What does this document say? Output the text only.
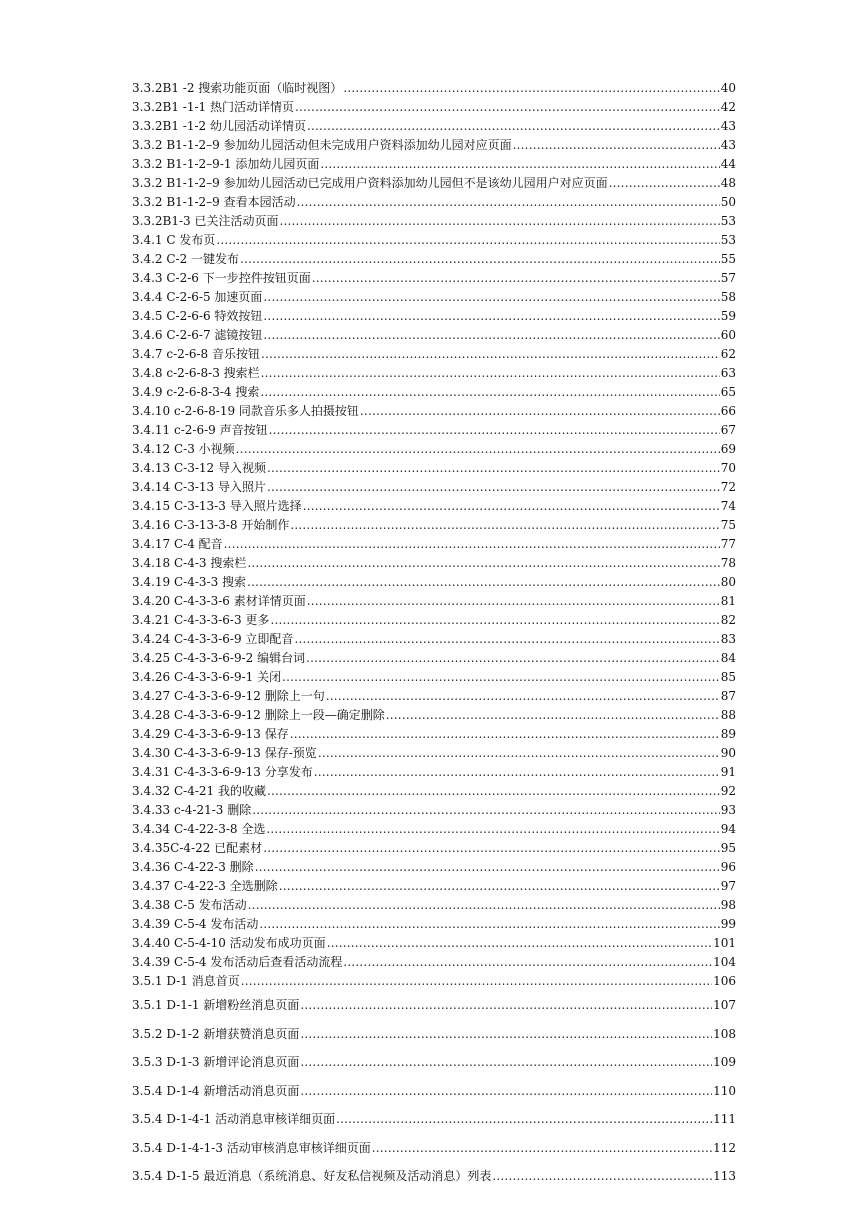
3.3.2B1 -2 搜索功能页面（临时视图） .....	40
3.3.2B1 -1-1 热门活动详情页 .....	42
3.3.2B1 -1-2 幼儿园活动详情页 .....	43
3.3.2 B1-1-2–9 参加幼儿园活动但未完成用户资料添加幼儿园对应页面 .....	43
3.3.2 B1-1-2–9-1 添加幼儿园页面 .....	44
3.3.2 B1-1-2–9 参加幼儿园活动已完成用户资料添加幼儿园但不是该幼儿园用户对应页面 .....	48
3.3.2 B1-1-2–9 查看本园活动 .....	50
3.3.2B1-3 已关注活动页面 .....	53
3.4.1 C 发布页 .....	53
3.4.2 C-2 一键发布 .....	55
3.4.3 C-2-6 下一步控件按钮页面 .....	57
3.4.4 C-2-6-5 加速页面 .....	58
3.4.5 C-2-6-6 特效按钮 .....	59
3.4.6 C-2-6-7 滤镜按钮 .....	60
3.4.7 c-2-6-8 音乐按钮 .....	62
3.4.8 c-2-6-8-3 搜索栏 .....	63
3.4.9 c-2-6-8-3-4 搜索 .....	65
3.4.10 c-2-6-8-19 同款音乐多人拍摄按钮 .....	66
3.4.11 c-2-6-9 声音按钮 .....	67
3.4.12 C-3 小视频 .....	69
3.4.13 C-3-12 导入视频 .....	70
3.4.14 C-3-13 导入照片 .....	72
3.4.15 C-3-13-3 导入照片选择 .....	74
3.4.16 C-3-13-3-8 开始制作 .....	75
3.4.17 C-4 配音 .....	77
3.4.18 C-4-3 搜索栏 .....	78
3.4.19 C-4-3-3 搜索 .....	80
3.4.20 C-4-3-3-6 素材详情页面 .....	81
3.4.21 C-4-3-3-6-3 更多 .....	82
3.4.24 C-4-3-3-6-9 立即配音 .....	83
3.4.25 C-4-3-3-6-9-2 编辑台词 .....	84
3.4.26 C-4-3-3-6-9-1 关闭 .....	85
3.4.27 C-4-3-3-6-9-12 删除上一句 .....	87
3.4.28 C-4-3-3-6-9-12 删除上一段—确定删除 .....	88
3.4.29 C-4-3-3-6-9-13 保存 .....	89
3.4.30 C-4-3-3-6-9-13 保存-预览 .....	90
3.4.31 C-4-3-3-6-9-13 分享发布 .....	91
3.4.32 C-4-21 我的收藏 .....	92
3.4.33 c-4-21-3 删除 .....	93
3.4.34 C-4-22-3-8 全选 .....	94
3.4.35C-4-22 已配素材 .....	95
3.4.36 C-4-22-3 删除 .....	96
3.4.37 C-4-22-3 全选删除 .....	97
3.4.38 C-5 发布活动 .....	98
3.4.39 C-5-4 发布活动 .....	99
3.4.40 C-5-4-10 活动发布成功页面 .....	101
3.4.39 C-5-4 发布活动后查看活动流程 .....	104
3.5.1 D-1 消息首页 .....	106
3.5.1 D-1-1 新增粉丝消息页面 .....	107
3.5.2 D-1-2 新增获赞消息页面 .....	108
3.5.3 D-1-3 新增评论消息页面 .....	109
3.5.4 D-1-4 新增活动消息页面 .....	110
3.5.4 D-1-4-1 活动消息审核详细页面 .....	111
3.5.4 D-1-4-1-3 活动审核消息审核详细页面 .....	112
3.5.4 D-1-5 最近消息（系统消息、好友私信视频及活动消息）列表 .....	113
